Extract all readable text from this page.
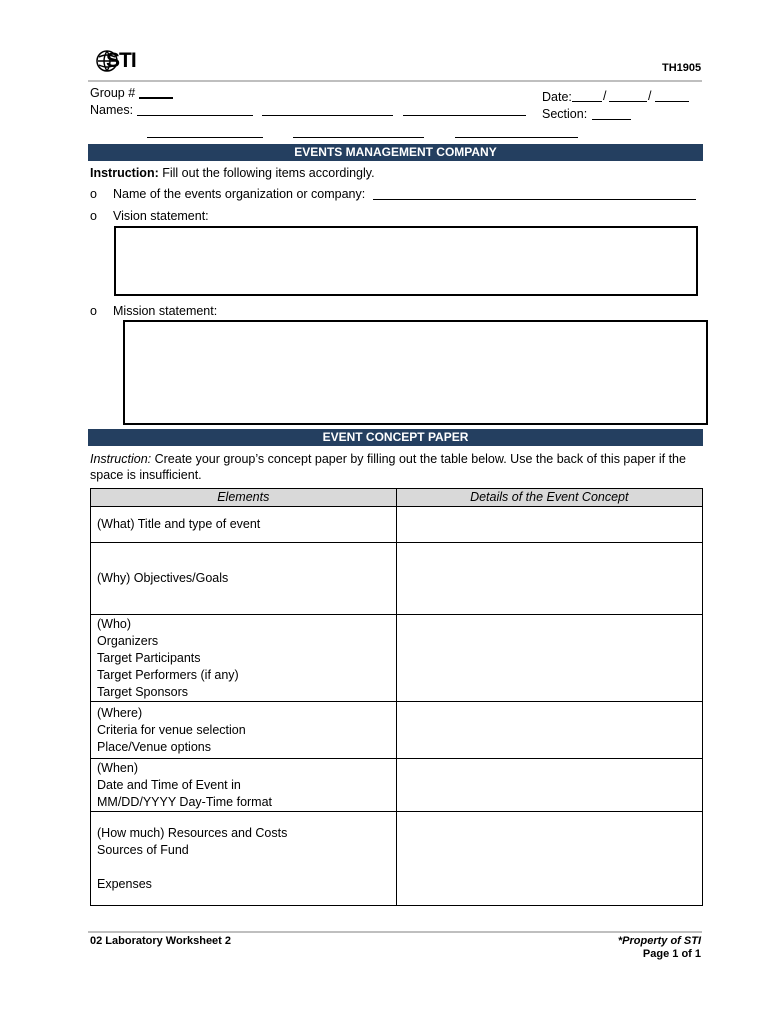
STI	TH1905
Group #
Names:
Date: /	/
Section:
EVENTS MANAGEMENT COMPANY
Instruction: Fill out the following items accordingly.
o Name of the events organization or company:
o Vision statement:
o Mission statement:
EVENT CONCEPT PAPER
Instruction: Create your group’s concept paper by filling out the table below. Use the back of this paper if the
space is insufficient.
Elements	Details of the Event Concept

(What) Title and type of event	

(Why) Objectives/Goals	

(Who)
Organizers
Target Participants
Target Performers (if any)
Target Sponsors	

(Where)
Criteria for venue selection
Place/Venue options	

(When)
Date and Time of Event in
MM/DD/YYYY Day-Time format	

(How much) Resources and Costs
Sources of Fund
Expenses	

02 Laboratory Worksheet 2	*Property of STI
Page 1 of 1
